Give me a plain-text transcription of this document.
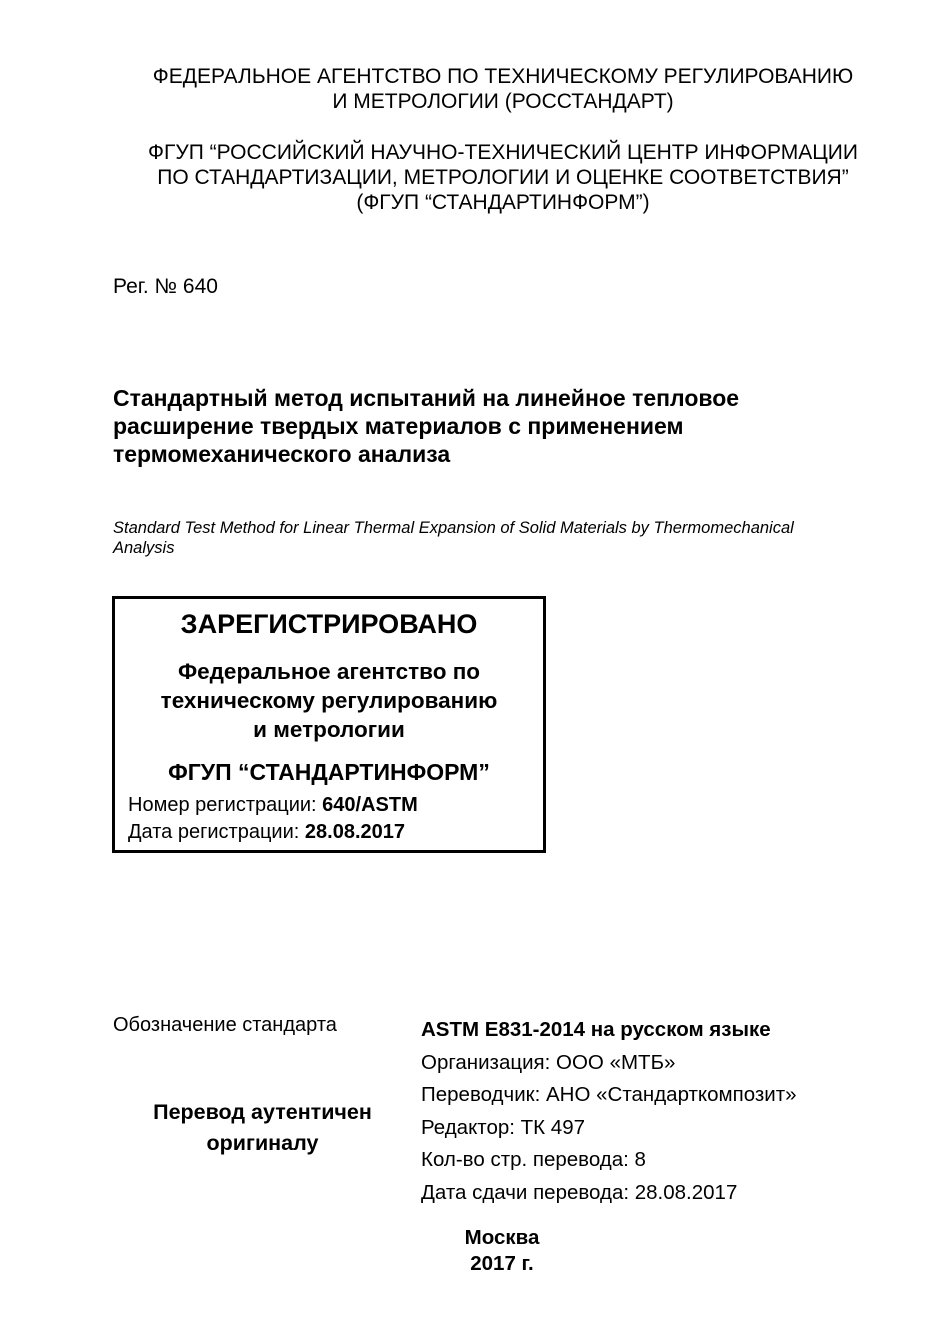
ФЕДЕРАЛЬНОЕ АГЕНТСТВО ПО ТЕХНИЧЕСКОМУ РЕГУЛИРОВАНИЮ
И МЕТРОЛОГИИ (РОССТАНДАРТ)
ФГУП “РОССИЙСКИЙ НАУЧНО-ТЕХНИЧЕСКИЙ ЦЕНТР ИНФОРМАЦИИ
ПО СТАНДАРТИЗАЦИИ, МЕТРОЛОГИИ И ОЦЕНКЕ СООТВЕТСТВИЯ”
(ФГУП “СТАНДАРТИНФОРМ”)
Рег. № 640
Стандартный метод испытаний на линейное тепловое
расширение твердых материалов с применением
термомеханического анализа
Standard Test Method for Linear Thermal Expansion of Solid Materials by Thermomechanical
Analysis
ЗАРЕГИСТРИРОВАНО
Федеральное агентство по
техническому регулированию
и метрологии
ФГУП “СТАНДАРТИНФОРМ”
Номер регистрации: 640/ASTM
Дата регистрации: 28.08.2017
Обозначение стандарта
Перевод аутентичен
оригиналу
ASTM E831-2014 на русском языке
Организация: ООО «МТБ»
Переводчик: АНО «Стандарткомпозит»
Редактор: ТК 497
Кол-во стр. перевода: 8
Дата сдачи перевода: 28.08.2017
Москва
2017 г.
